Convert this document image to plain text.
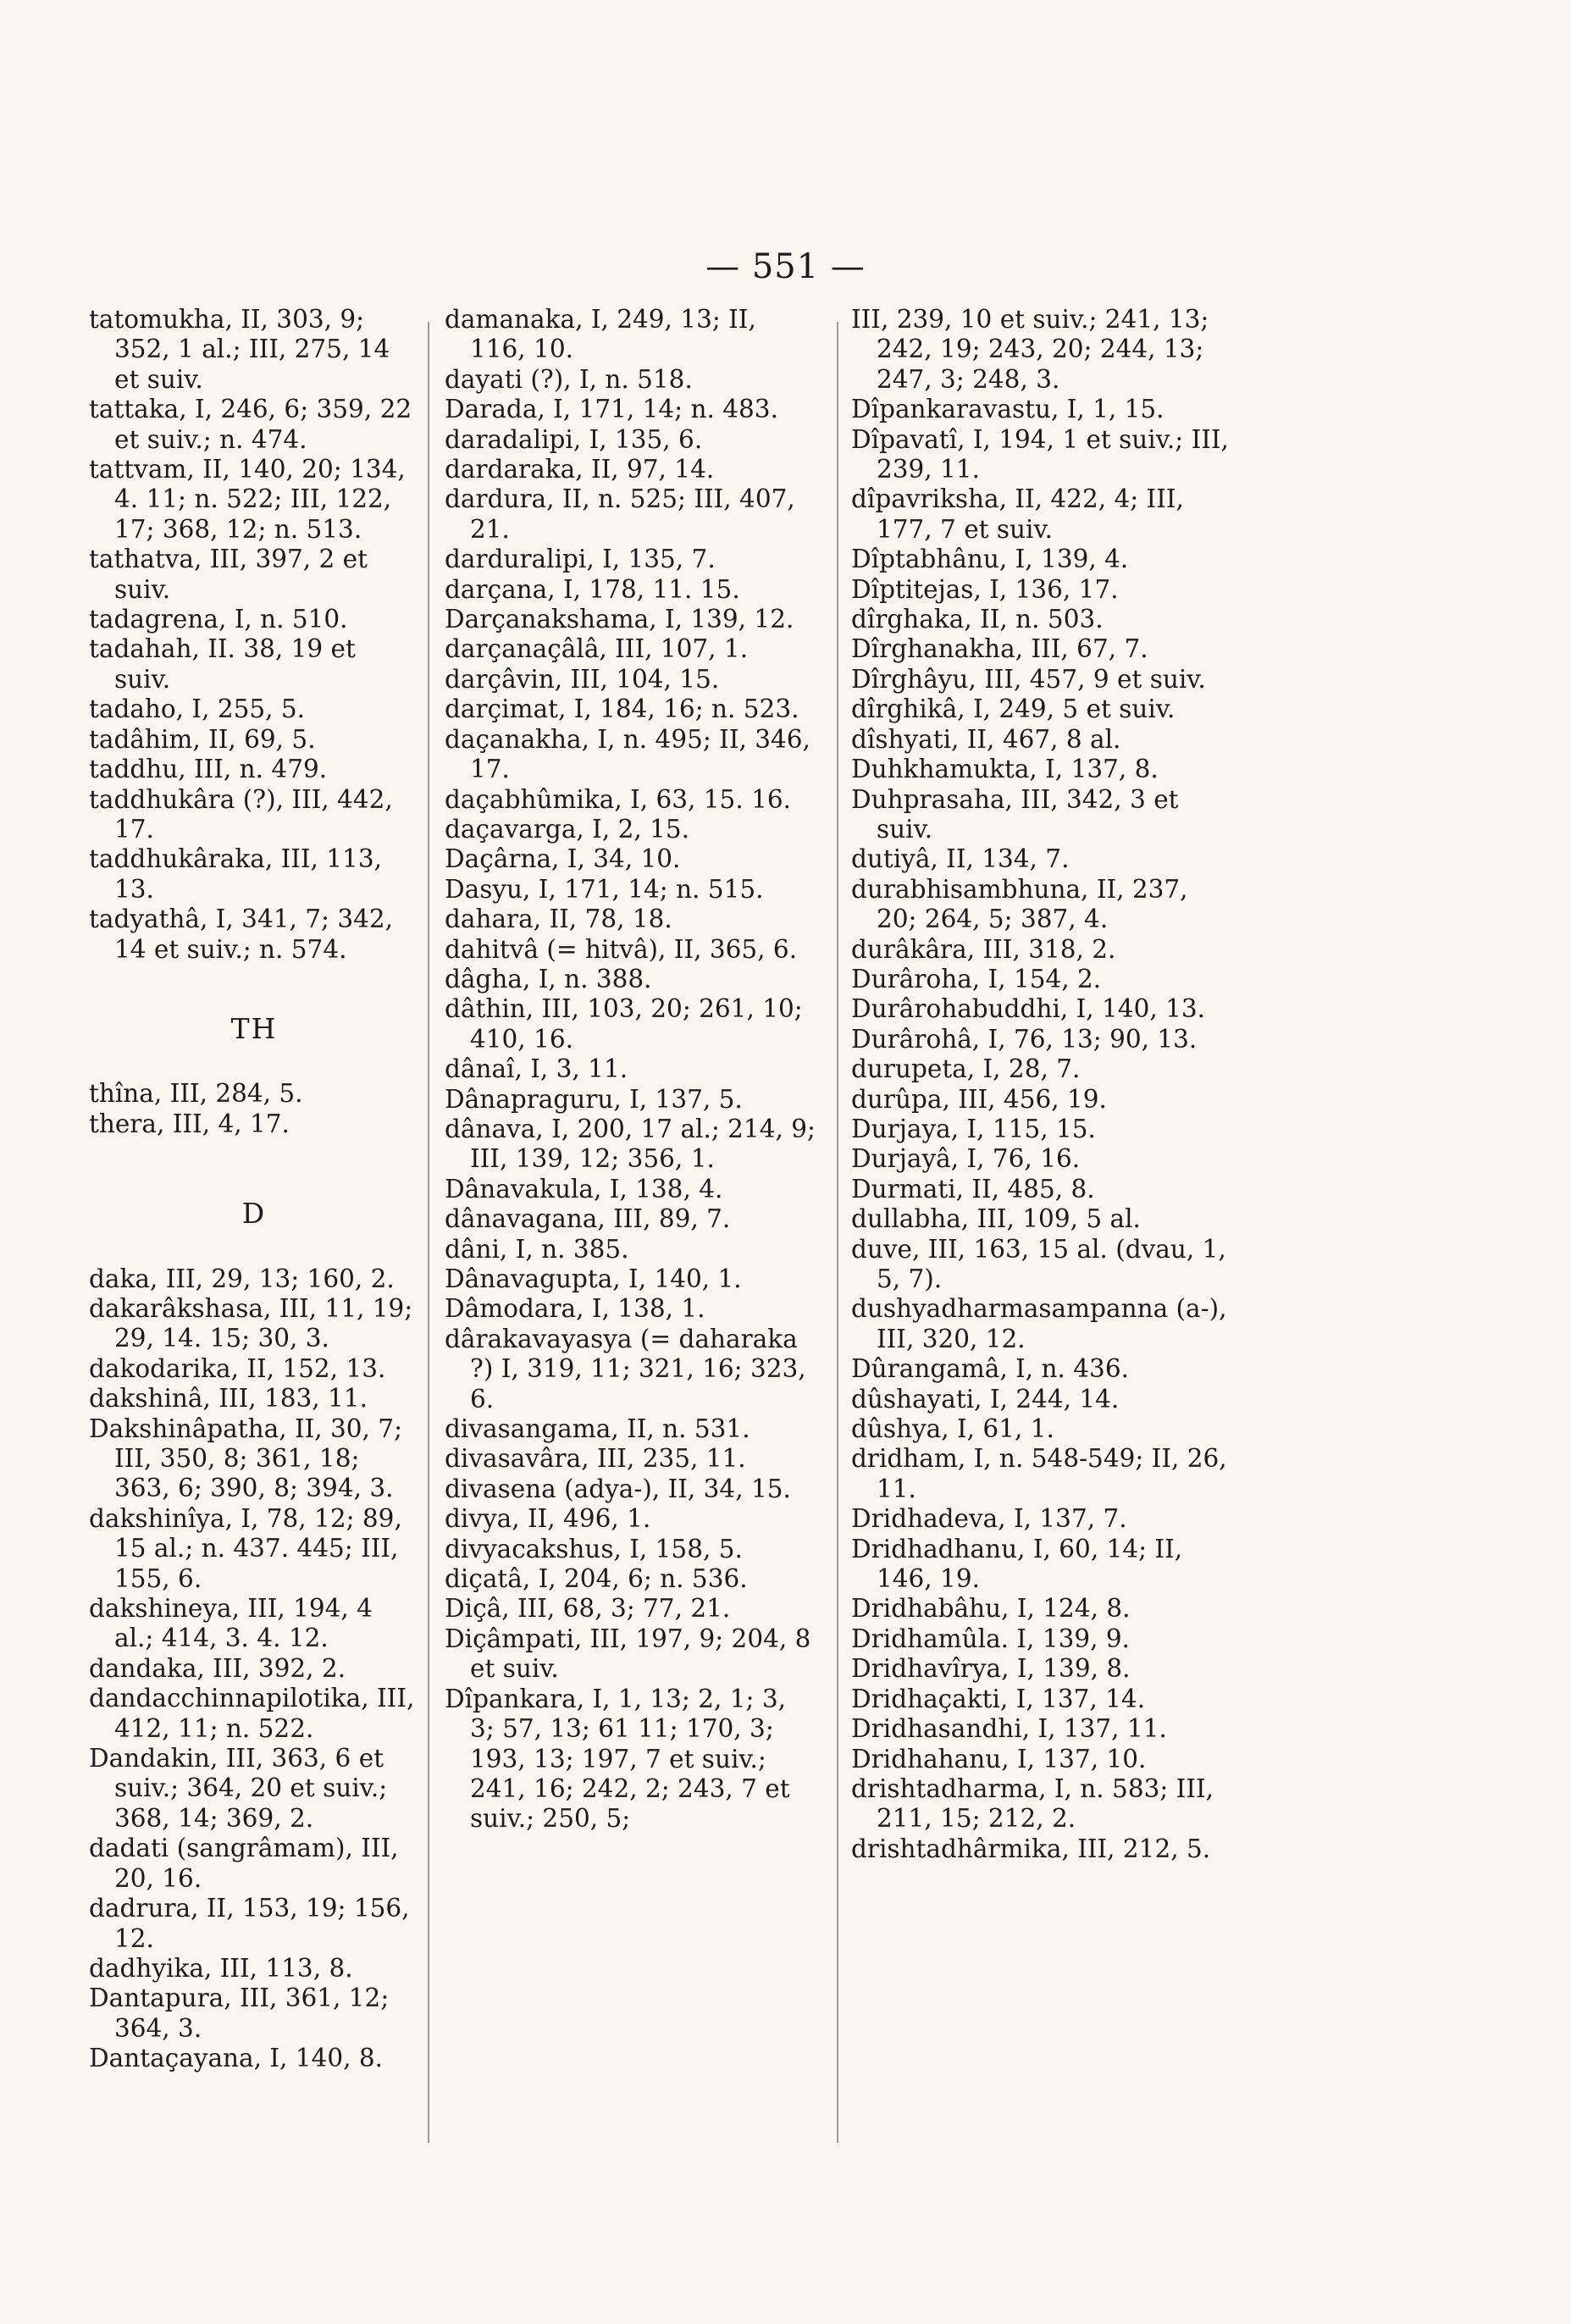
— 551 —
tatomukha, II, 303, 9; 352, 1 al.; III, 275, 14 et suiv.
tattaka, I, 246, 6; 359, 22 et suiv.; n. 474.
tattvam, II, 140, 20; 134, 4. 11; n. 522; III, 122, 17; 368, 12; n. 513.
tathatva, III, 397, 2 et suiv.
tadagrena, I, n. 510.
tadahah, II. 38, 19 et suiv.
tadaho, I, 255, 5.
tadâhim, II, 69, 5.
taddhu, III, n. 479.
taddhukâra (?), III, 442, 17.
taddhukâraka, III, 113, 13.
tadyathâ, I, 341, 7; 342, 14 et suiv.; n. 574.
TH
thîna, III, 284, 5.
thera, III, 4, 17.
D
daka, III, 29, 13; 160, 2.
dakarâkshasa, III, 11, 19; 29, 14. 15; 30, 3.
dakodarika, II, 152, 13.
dakshinâ, III, 183, 11.
Dakshinâpatha, II, 30, 7; III, 350, 8; 361, 18; 363, 6; 390, 8; 394, 3.
dakshinîya, I, 78, 12; 89, 15 al.; n. 437. 445; III, 155, 6.
dakshineya, III, 194, 4 al.; 414, 3. 4. 12.
dandaka, III, 392, 2.
dandacchinnapilotika, III, 412, 11; n. 522.
Dandakin, III, 363, 6 et suiv.; 364, 20 et suiv.; 368, 14; 369, 2.
dadati (sangrâmam), III, 20, 16.
dadrura, II, 153, 19; 156, 12.
dadhyika, III, 113, 8.
Dantapura, III, 361, 12; 364, 3.
Dantaçayana, I, 140, 8.
damanaka, I, 249, 13; II, 116, 10.
dayati (?), I, n. 518.
Darada, I, 171, 14; n. 483.
daradalipi, I, 135, 6.
dardaraka, II, 97, 14.
dardura, II, n. 525; III, 407, 21.
darduralipi, I, 135, 7.
darçana, I, 178, 11. 15.
Darçanakshama, I, 139, 12.
darçanaçâlâ, III, 107, 1.
darçâvin, III, 104, 15.
darçimat, I, 184, 16; n. 523.
daçanakha, I, n. 495; II, 346, 17.
daçabhûmika, I, 63, 15. 16.
daçavarga, I, 2, 15.
Daçârna, I, 34, 10.
Dasyu, I, 171, 14; n. 515.
dahara, II, 78, 18.
dahitvâ (= hitvâ), II, 365, 6.
dâgha, I, n. 388.
dâthin, III, 103, 20; 261, 10; 410, 16.
dânaî, I, 3, 11.
Dânapraguru, I, 137, 5.
dânava, I, 200, 17 al.; 214, 9; III, 139, 12; 356, 1.
Dânavakula, I, 138, 4.
dânavagana, III, 89, 7.
dâni, I, n. 385.
Dânavagupta, I, 140, 1.
Dâmodara, I, 138, 1.
dârakavayasya (= daharaka ?) I, 319, 11; 321, 16; 323, 6.
divasangama, II, n. 531.
divasavâra, III, 235, 11.
divasena (adya-), II, 34, 15.
divya, II, 496, 1.
divyacakshus, I, 158, 5.
diçatâ, I, 204, 6; n. 536.
Diçâ, III, 68, 3; 77, 21.
Diçâmpati, III, 197, 9; 204, 8 et suiv.
Dîpankara, I, 1, 13; 2, 1; 3, 3; 57, 13; 61 11; 170, 3; 193, 13; 197, 7 et suiv.; 241, 16; 242, 2; 243, 7 et suiv.; 250, 5;
III, 239, 10 et suiv.; 241, 13; 242, 19; 243, 20; 244, 13; 247, 3; 248, 3.
Dîpankaravastu, I, 1, 15.
Dîpavatî, I, 194, 1 et suiv.; III, 239, 11.
dîpavriksha, II, 422, 4; III, 177, 7 et suiv.
Dîptabhânu, I, 139, 4.
Dîptitejas, I, 136, 17.
dîrghaka, II, n. 503.
Dîrghanakha, III, 67, 7.
Dîrghâyu, III, 457, 9 et suiv.
dîrghikâ, I, 249, 5 et suiv.
dîshyati, II, 467, 8 al.
Duhkhamukta, I, 137, 8.
Duhprasaha, III, 342, 3 et suiv.
dutiyâ, II, 134, 7.
durabhisambhuna, II, 237, 20; 264, 5; 387, 4.
durâkâra, III, 318, 2.
Durâroha, I, 154, 2.
Durârohabuddhi, I, 140, 13.
Durârohâ, I, 76, 13; 90, 13.
durupeta, I, 28, 7.
durûpa, III, 456, 19.
Durjaya, I, 115, 15.
Durjayâ, I, 76, 16.
Durmati, II, 485, 8.
dullabha, III, 109, 5 al.
duve, III, 163, 15 al. (dvau, 1, 5, 7).
dushyadharmasampanna (a-), III, 320, 12.
Dûrangamâ, I, n. 436.
dûshayati, I, 244, 14.
dûshya, I, 61, 1.
dridham, I, n. 548-549; II, 26, 11.
Dridhadeva, I, 137, 7.
Dridhadhanu, I, 60, 14; II, 146, 19.
Dridhabâhu, I, 124, 8.
Dridhamûla. I, 139, 9.
Dridhavîrya, I, 139, 8.
Dridhaçakti, I, 137, 14.
Dridhasandhi, I, 137, 11.
Dridhahanu, I, 137, 10.
drishtadharma, I, n. 583; III, 211, 15; 212, 2.
drishtadhârmika, III, 212, 5.
